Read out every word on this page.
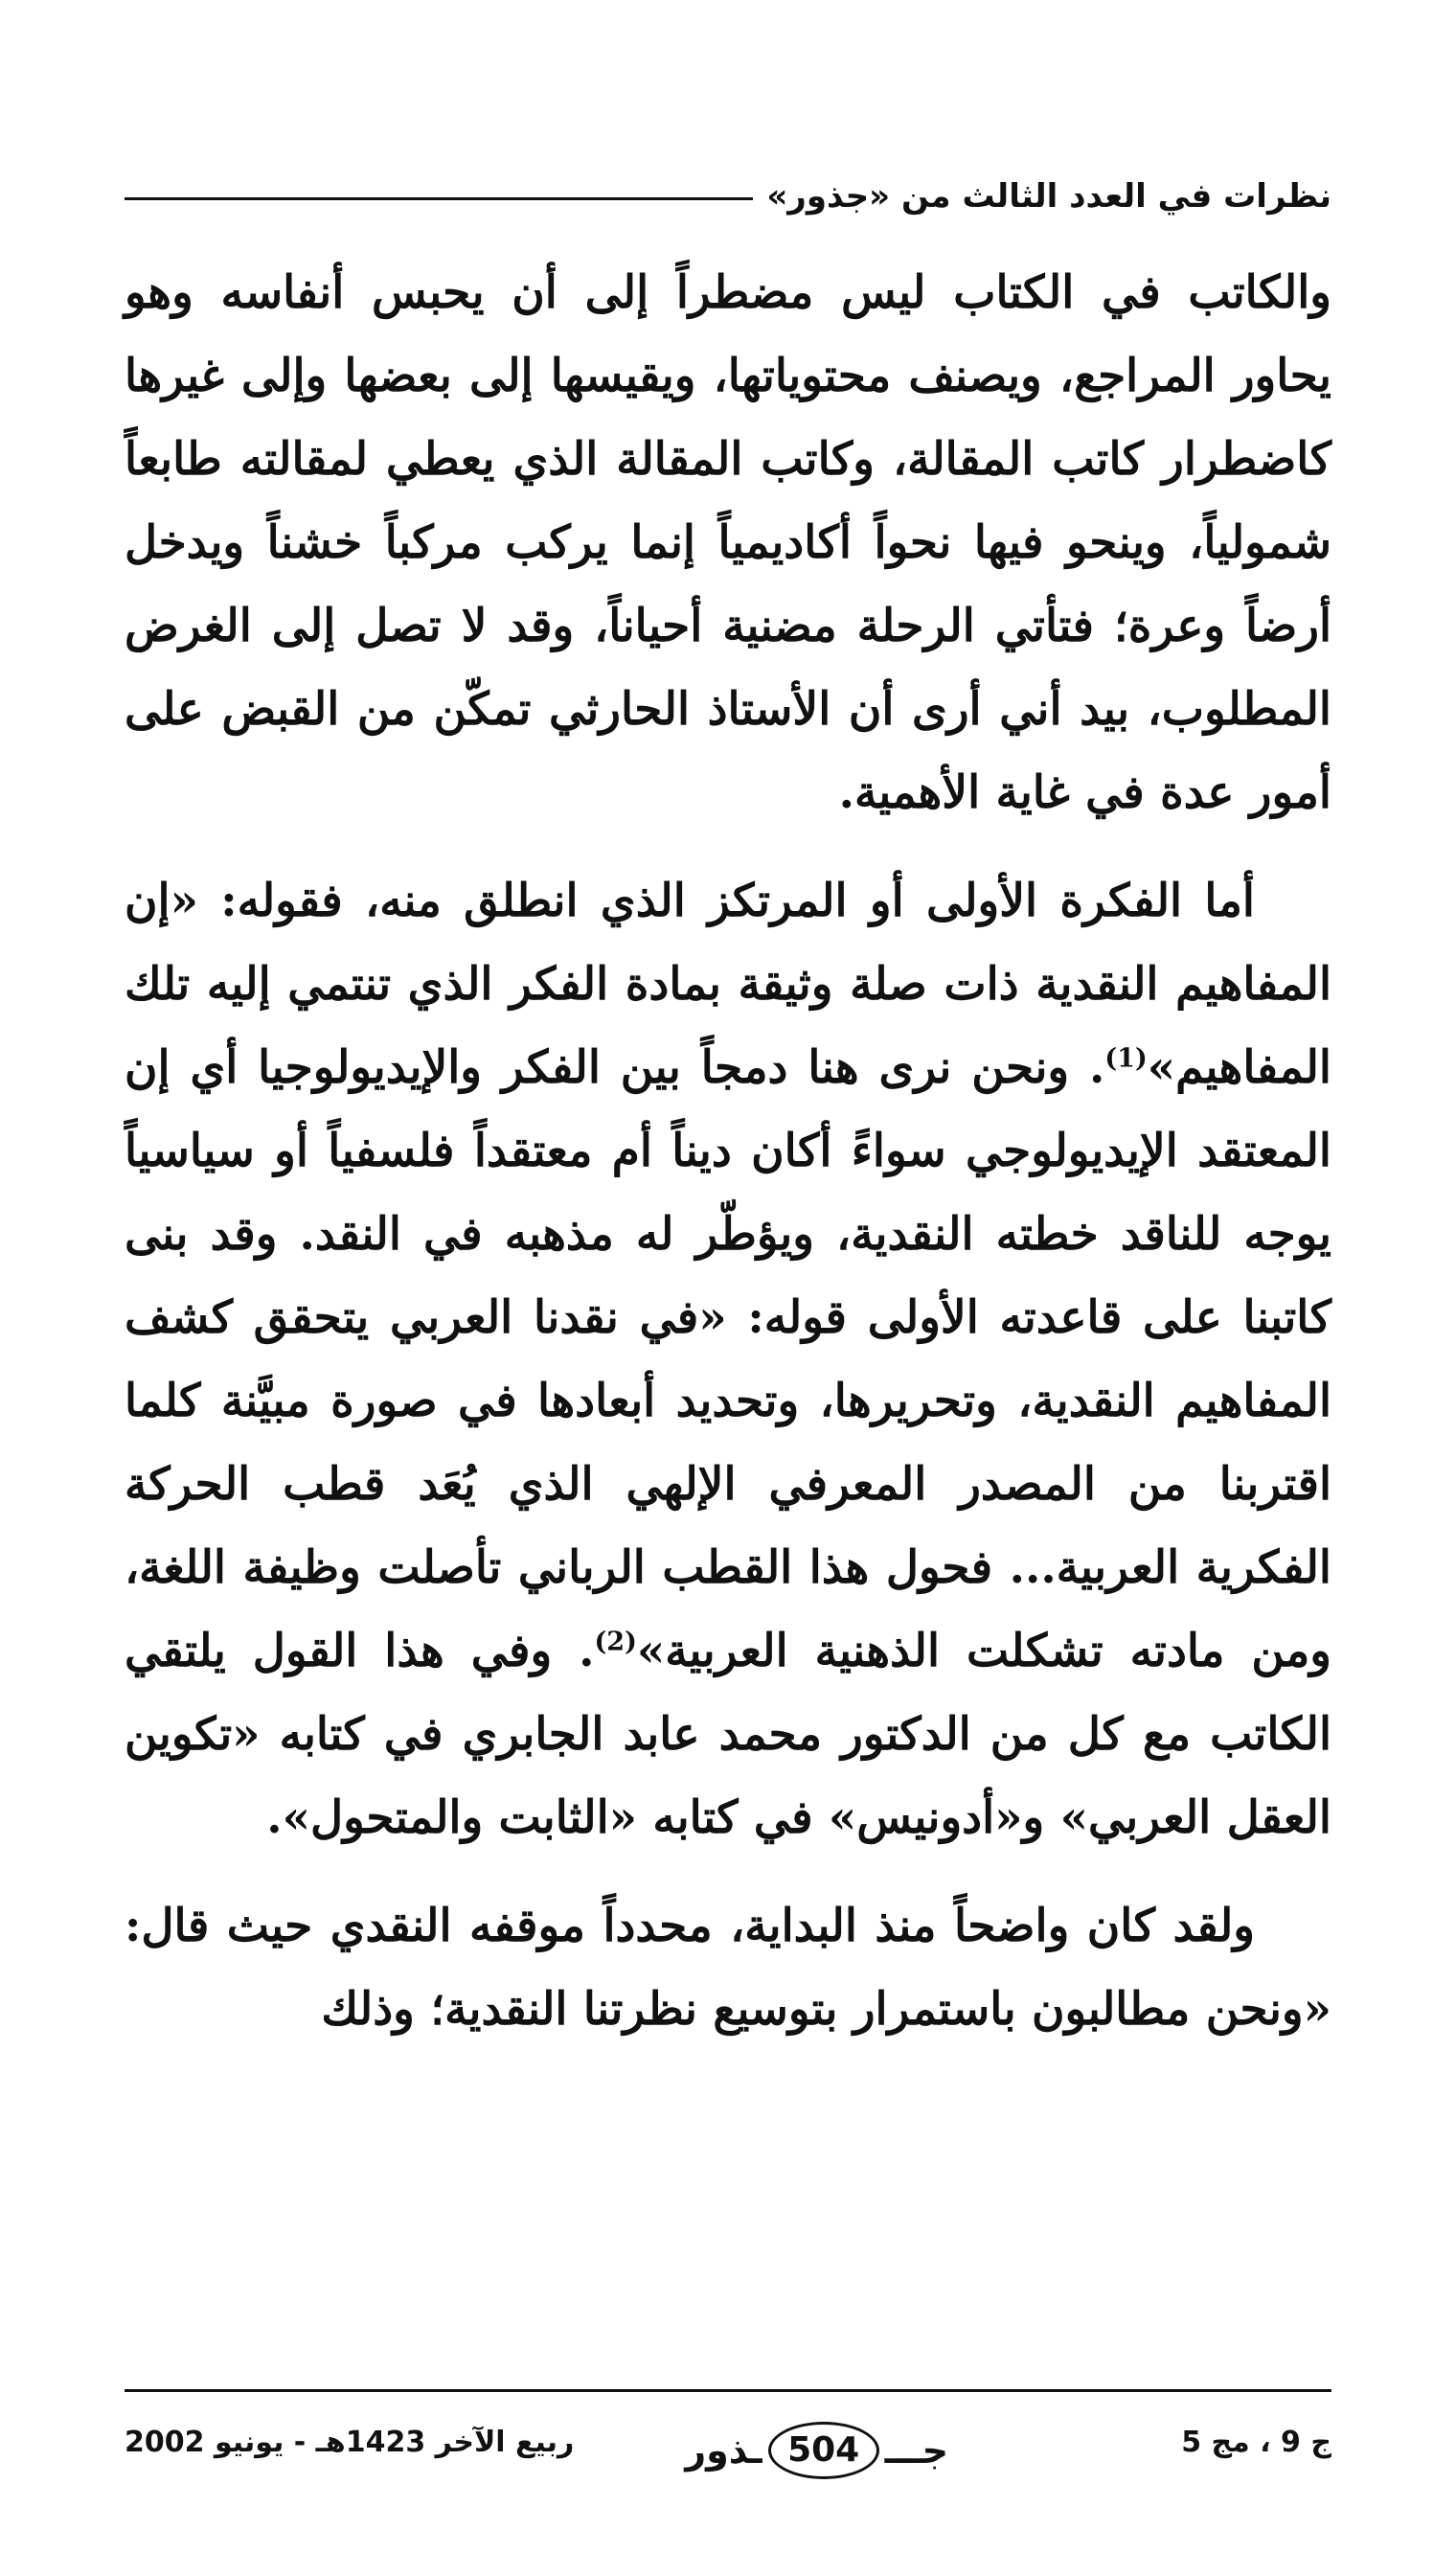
نظرات في العدد الثالث من «جذور»

والكاتب في الكتاب ليس مضطراً إلى أن يحبس أنفاسه وهو يحاور المراجع، ويصنف محتوياتها، ويقيسها إلى بعضها وإلى غيرها كاضطرار كاتب المقالة، وكاتب المقالة الذي يعطي لمقالته طابعاً شمولياً، وينحو فيها نحواً أكاديمياً إنما يركب مركباً خشناً ويدخل أرضاً وعرة؛ فتأتي الرحلة مضنية أحياناً، وقد لا تصل إلى الغرض المطلوب، بيد أني أرى أن الأستاذ الحارثي تمكّن من القبض على أمور عدة في غاية الأهمية.

أما الفكرة الأولى أو المرتكز الذي انطلق منه، فقوله: «إن المفاهيم النقدية ذات صلة وثيقة بمادة الفكر الذي تنتمي إليه تلك المفاهيم»$^{(1)}$. ونحن نرى هنا دمجاً بين الفكر والإيديولوجيا أي إن المعتقد الإيديولوجي سواءً أكان ديناً أم معتقداً فلسفياً أو سياسياً يوجه للناقد خطته النقدية، ويؤطّر له مذهبه في النقد. وقد بنى كاتبنا على قاعدته الأولى قوله: «في نقدنا العربي يتحقق كشف المفاهيم النقدية، وتحريرها، وتحديد أبعادها في صورة مبيَّنة كلما اقتربنا من المصدر المعرفي الإلهي الذي يُعَد قطب الحركة الفكرية العربية... فحول هذا القطب الرباني تأصلت وظيفة اللغة، ومن مادته تشكلت الذهنية العربية»$^{(2)}$. وفي هذا القول يلتقي الكاتب مع كل من الدكتور محمد عابد الجابري في كتابه «تكوين العقل العربي» و«أدونيس» في كتابه «الثابت والمتحول».

ولقد كان واضحاً منذ البداية، محدداً موقفه النقدي حيث قال: «ونحن مطالبون باستمرار بتوسيع نظرتنا النقدية؛ وذلك

ج 9 ، مج 5
جـــ
504
ـذور
ربيع الآخر 1423هـ - يونيو 2002
